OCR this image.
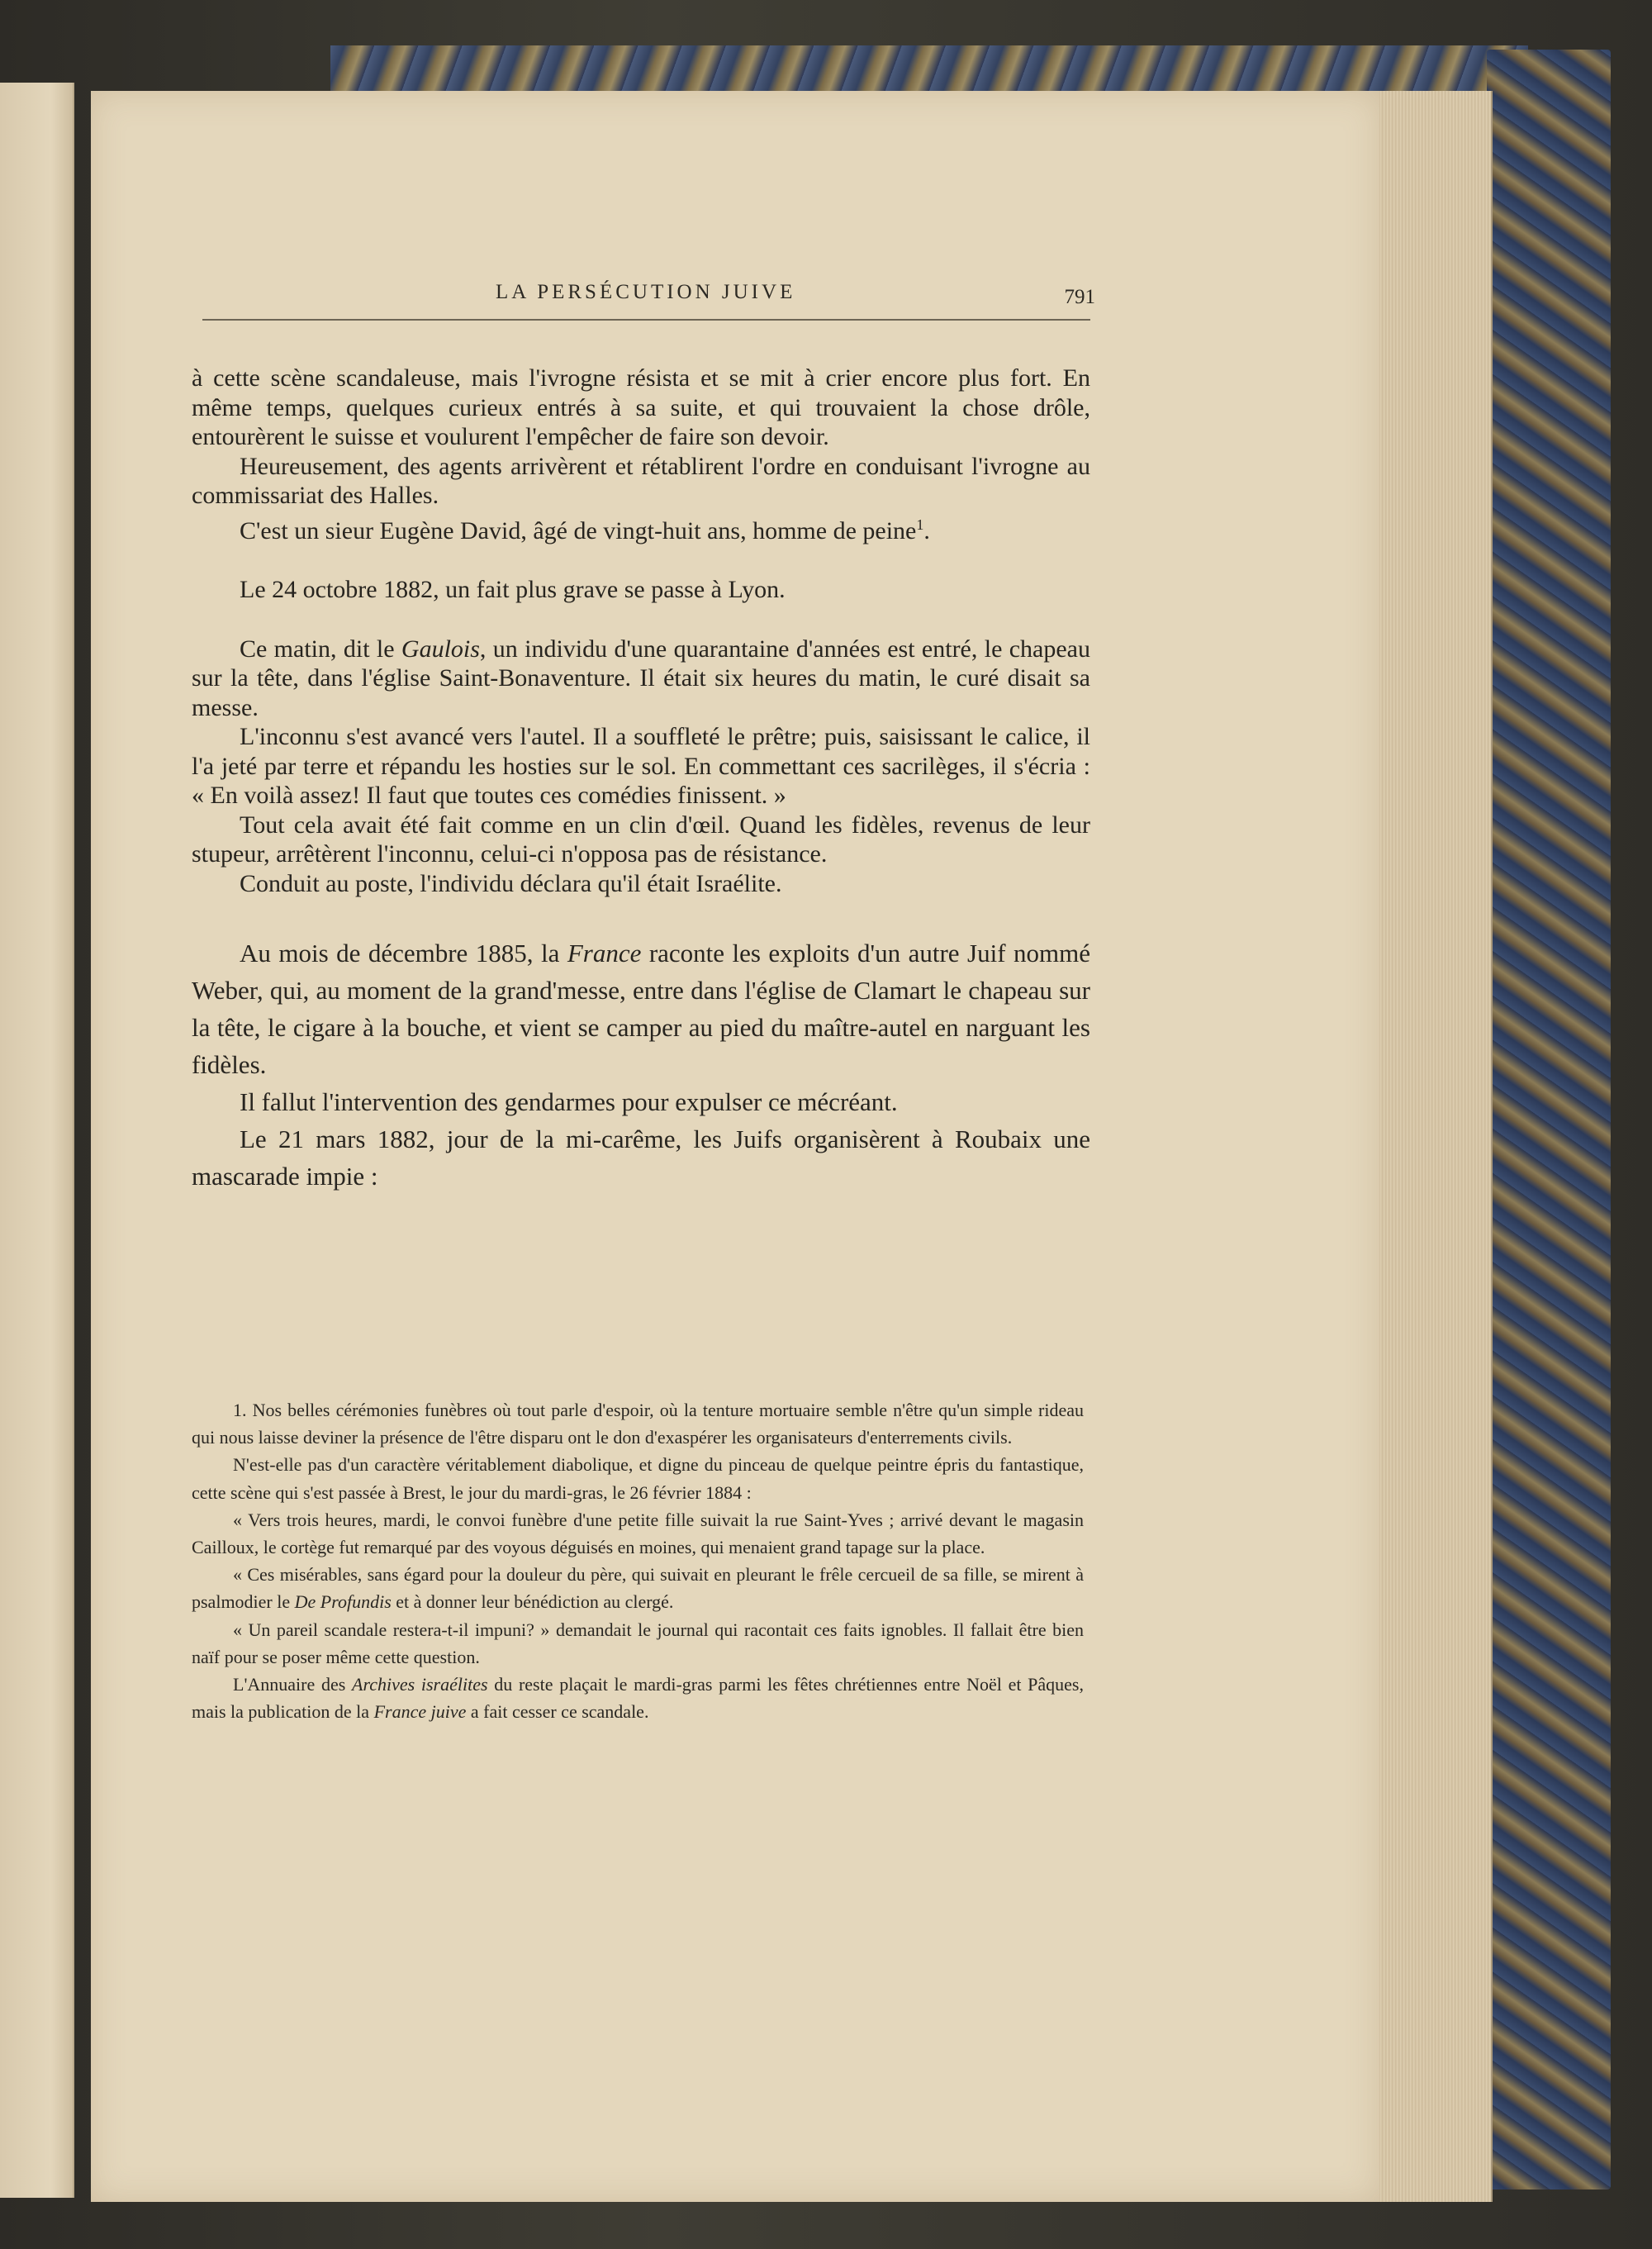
LA PERSÉCUTION JUIVE	791

à cette scène scandaleuse, mais l'ivrogne résista et se mit à crier encore plus fort. En même temps, quelques curieux entrés à sa suite, et qui trouvaient la chose drôle, entourèrent le suisse et voulurent l'empêcher de faire son devoir.

Heureusement, des agents arrivèrent et rétablirent l'ordre en conduisant l'ivrogne au commissariat des Halles.

C'est un sieur Eugène David, âgé de vingt-huit ans, homme de peine$^1$.

Le 24 octobre 1882, un fait plus grave se passe à Lyon.

Ce matin, dit le Gaulois, un individu d'une quarantaine d'années est entré, le chapeau sur la tête, dans l'église Saint-Bonaventure. Il était six heures du matin, le curé disait sa messe.

L'inconnu s'est avancé vers l'autel. Il a souffleté le prêtre; puis, saisissant le calice, il l'a jeté par terre et répandu les hosties sur le sol. En commettant ces sacrilèges, il s'écria : « En voilà assez! Il faut que toutes ces comédies finissent. »

Tout cela avait été fait comme en un clin d'œil. Quand les fidèles, revenus de leur stupeur, arrêtèrent l'inconnu, celui-ci n'opposa pas de résistance.

Conduit au poste, l'individu déclara qu'il était Israélite.

Au mois de décembre 1885, la France raconte les exploits d'un autre Juif nommé Weber, qui, au moment de la grand'messe, entre dans l'église de Clamart le chapeau sur la tête, le cigare à la bouche, et vient se camper au pied du maître-autel en narguant les fidèles.

Il fallut l'intervention des gendarmes pour expulser ce mécréant.

Le 21 mars 1882, jour de la mi-carême, les Juifs organisèrent à Roubaix une mascarade impie :

1. Nos belles cérémonies funèbres où tout parle d'espoir, où la tenture mortuaire semble n'être qu'un simple rideau qui nous laisse deviner la présence de l'être disparu ont le don d'exaspérer les organisateurs d'enterrements civils.

N'est-elle pas d'un caractère véritablement diabolique, et digne du pinceau de quelque peintre épris du fantastique, cette scène qui s'est passée à Brest, le jour du mardi-gras, le 26 février 1884 :

« Vers trois heures, mardi, le convoi funèbre d'une petite fille suivait la rue Saint-Yves ; arrivé devant le magasin Cailloux, le cortège fut remarqué par des voyous déguisés en moines, qui menaient grand tapage sur la place.

« Ces misérables, sans égard pour la douleur du père, qui suivait en pleurant le frêle cercueil de sa fille, se mirent à psalmodier le De Profundis et à donner leur bénédiction au clergé.

« Un pareil scandale restera-t-il impuni? » demandait le journal qui racontait ces faits ignobles. Il fallait être bien naïf pour se poser même cette question.

L'Annuaire des Archives israélites du reste plaçait le mardi-gras parmi les fêtes chrétiennes entre Noël et Pâques, mais la publication de la France juive a fait cesser ce scandale.
